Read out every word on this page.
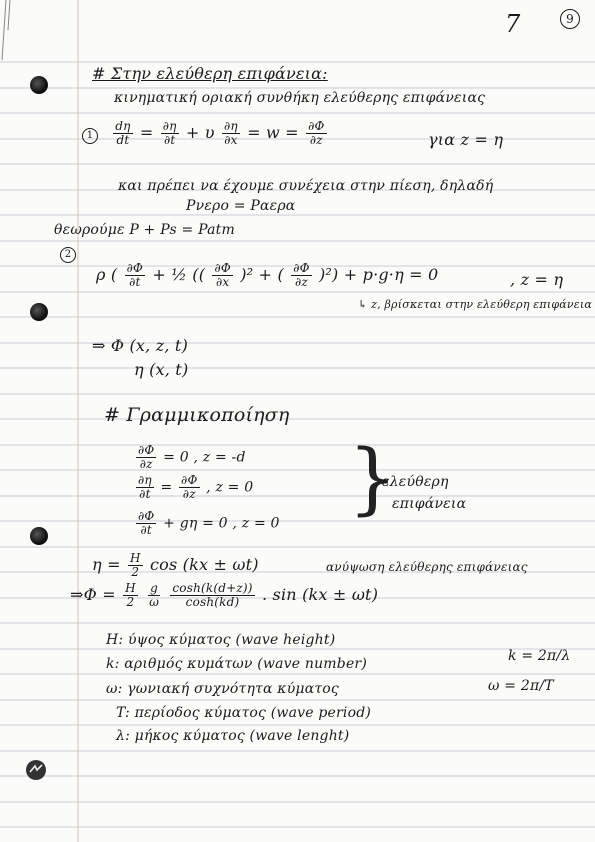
7	9
# Στην ελεύθερη επιφάνεια:
κινηματική οριακή συνθήκη ελεύθερης επιφάνειας
$1 \frac{d\eta}{dt} = \frac{\partial\eta}{\partial t} + \upsilon \frac{\partial\eta}{\partial x} = w = \frac{\partial\Phi}{\partial z}$	για z = η
και πρέπει να έχουμε συνέχεια στην πίεση, δηλαδή
Pνερο = Pαερα
θεωρούμε P + Ps = Patm
2
ρ ( $\frac{\partial\Phi}{\partial t}$ + ½ (( $\frac{\partial\Phi}{\partial x} )^2$ + ( $\frac{\partial\Phi}{\partial z} )^2) + p\cdot g\cdot\eta = 0$	, z = η
↳ z, βρίσκεται στην ελεύθερη επιφάνεια
⇒ Φ (x, z, t)
η (x, t)
# Γραμμικοποίηση
$\frac{\partial\Phi}{\partial z} = 0$ , z = -d
$\frac{\partial\eta}{\partial t} = \frac{\partial\Phi}{\partial z}$ , z = 0
$\frac{\partial\Phi}{\partial t} + g\eta = 0$ , z = 0 }
ελεύθερη
επιφάνεια
$\eta = \frac{H}{2}$ cos (kx ± ωt)	ανύψωση ελεύθερης επιφάνειας
⇒Φ = $\frac{H}{2}$
$\frac{g}{\omega}$
$\frac{\cosh(k(d+z))}{\cosh(kd)}$ . sin (kx ± ωt)
H: ύψος κύματος (wave height)
k: αριθμός κυμάτων (wave number)
ω: γωνιακή συχνότητα κύματος
T: περίοδος κύματος (wave period)
λ: μήκος κύματος (wave lenght)
k = 2π/λ
ω = 2π/T
